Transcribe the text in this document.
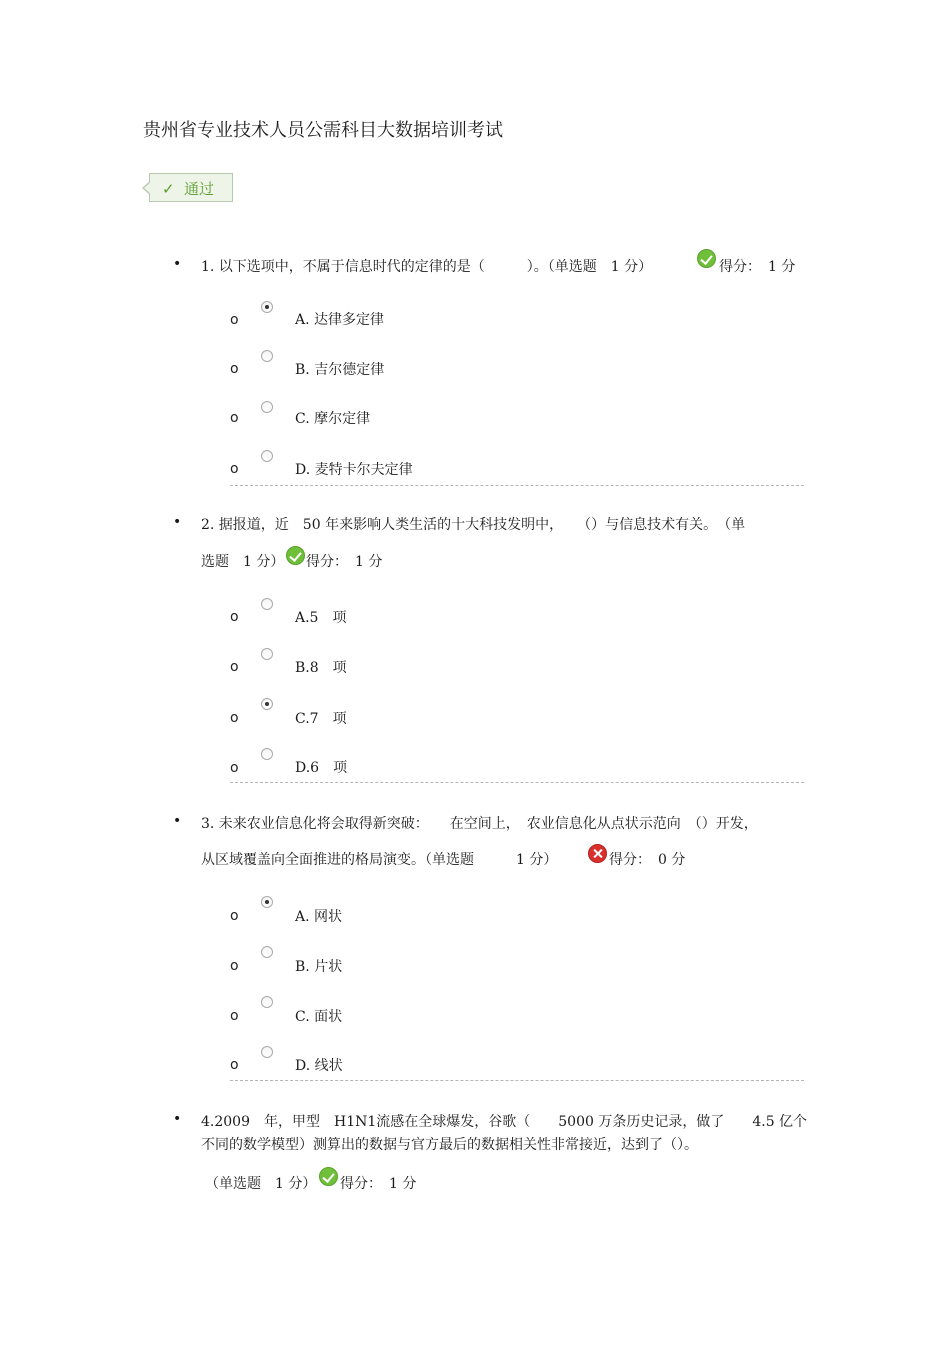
贵州省专业技术人员公需科目大数据培训考试
✓ 通过
• 1. 以下选项中，不属于信息时代的定律的是（　　　）。（单选题　1 分）	得分：　1 分
o	A. 达律多定律
o	B. 吉尔德定律
o	C. 摩尔定律
o	D. 麦特卡尔夫定律
• 2. 据报道，近　50 年来影响人类生活的十大科技发明中，　　（）与信息技术有关。　（单
选题　1 分） 得分：　1 分
o	A.5　项
o	B.8　项
o	C.7　项
o	D.6　项
• 3. 未来农业信息化将会取得新突破：　　在空间上，　农业信息化从点状示范向　（）开发，
从区域覆盖向全面推进的格局演变。（单选题　　　1 分）	得分：　0 分
o	A. 网状
o	B. 片状
o	C. 面状
o	D. 线状
• 4.2009　年，甲型　H1N1流感在全球爆发，谷歌（　　5000 万条历史记录，做了　　4.5 亿个
不同的数学模型）测算出的数据与官方最后的数据相关性非常接近，达到了（）。
（单选题　1 分） 得分：　1 分
